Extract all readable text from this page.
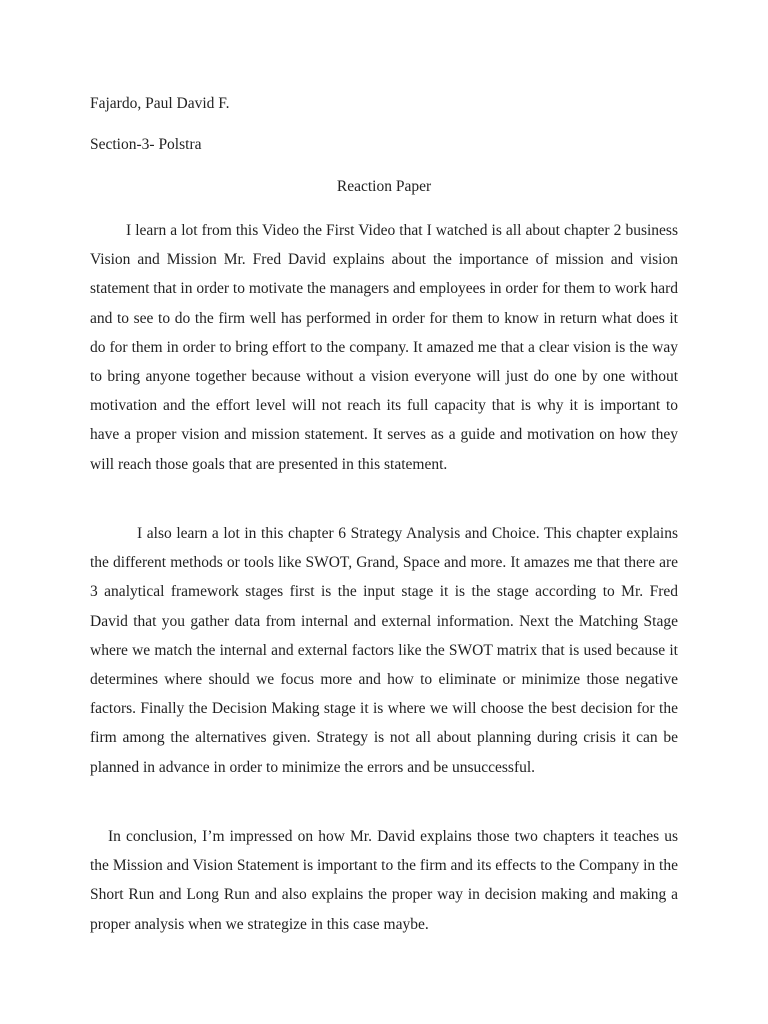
Fajardo, Paul David F.
Section-3- Polstra
Reaction Paper

I learn a lot from this Video the First Video that I watched is all about chapter 2 business Vision and Mission Mr. Fred David explains about the importance of mission and vision statement that in order to motivate the managers and employees in order for them to work hard and to see to do the firm well has performed in order for them to know in return what does it do for them in order to bring effort to the company. It amazed me that a clear vision is the way to bring anyone together because without a vision everyone will just do one by one without motivation and the effort level will not reach its full capacity that is why it is important to have a proper vision and mission statement. It serves as a guide and motivation on how they will reach those goals that are presented in this statement.

I also learn a lot in this chapter 6 Strategy Analysis and Choice. This chapter explains the different methods or tools like SWOT, Grand, Space and more. It amazes me that there are 3 analytical framework stages first is the input stage it is the stage according to Mr. Fred David that you gather data from internal and external information. Next the Matching Stage where we match the internal and external factors like the SWOT matrix that is used because it determines where should we focus more and how to eliminate or minimize those negative factors. Finally the Decision Making stage it is where we will choose the best decision for the firm among the alternatives given. Strategy is not all about planning during crisis it can be planned in advance in order to minimize the errors and be unsuccessful.

In conclusion, I’m impressed on how Mr. David explains those two chapters it teaches us the Mission and Vision Statement is important to the firm and its effects to the Company in the Short Run and Long Run and also explains the proper way in decision making and making a proper analysis when we strategize in this case maybe.
